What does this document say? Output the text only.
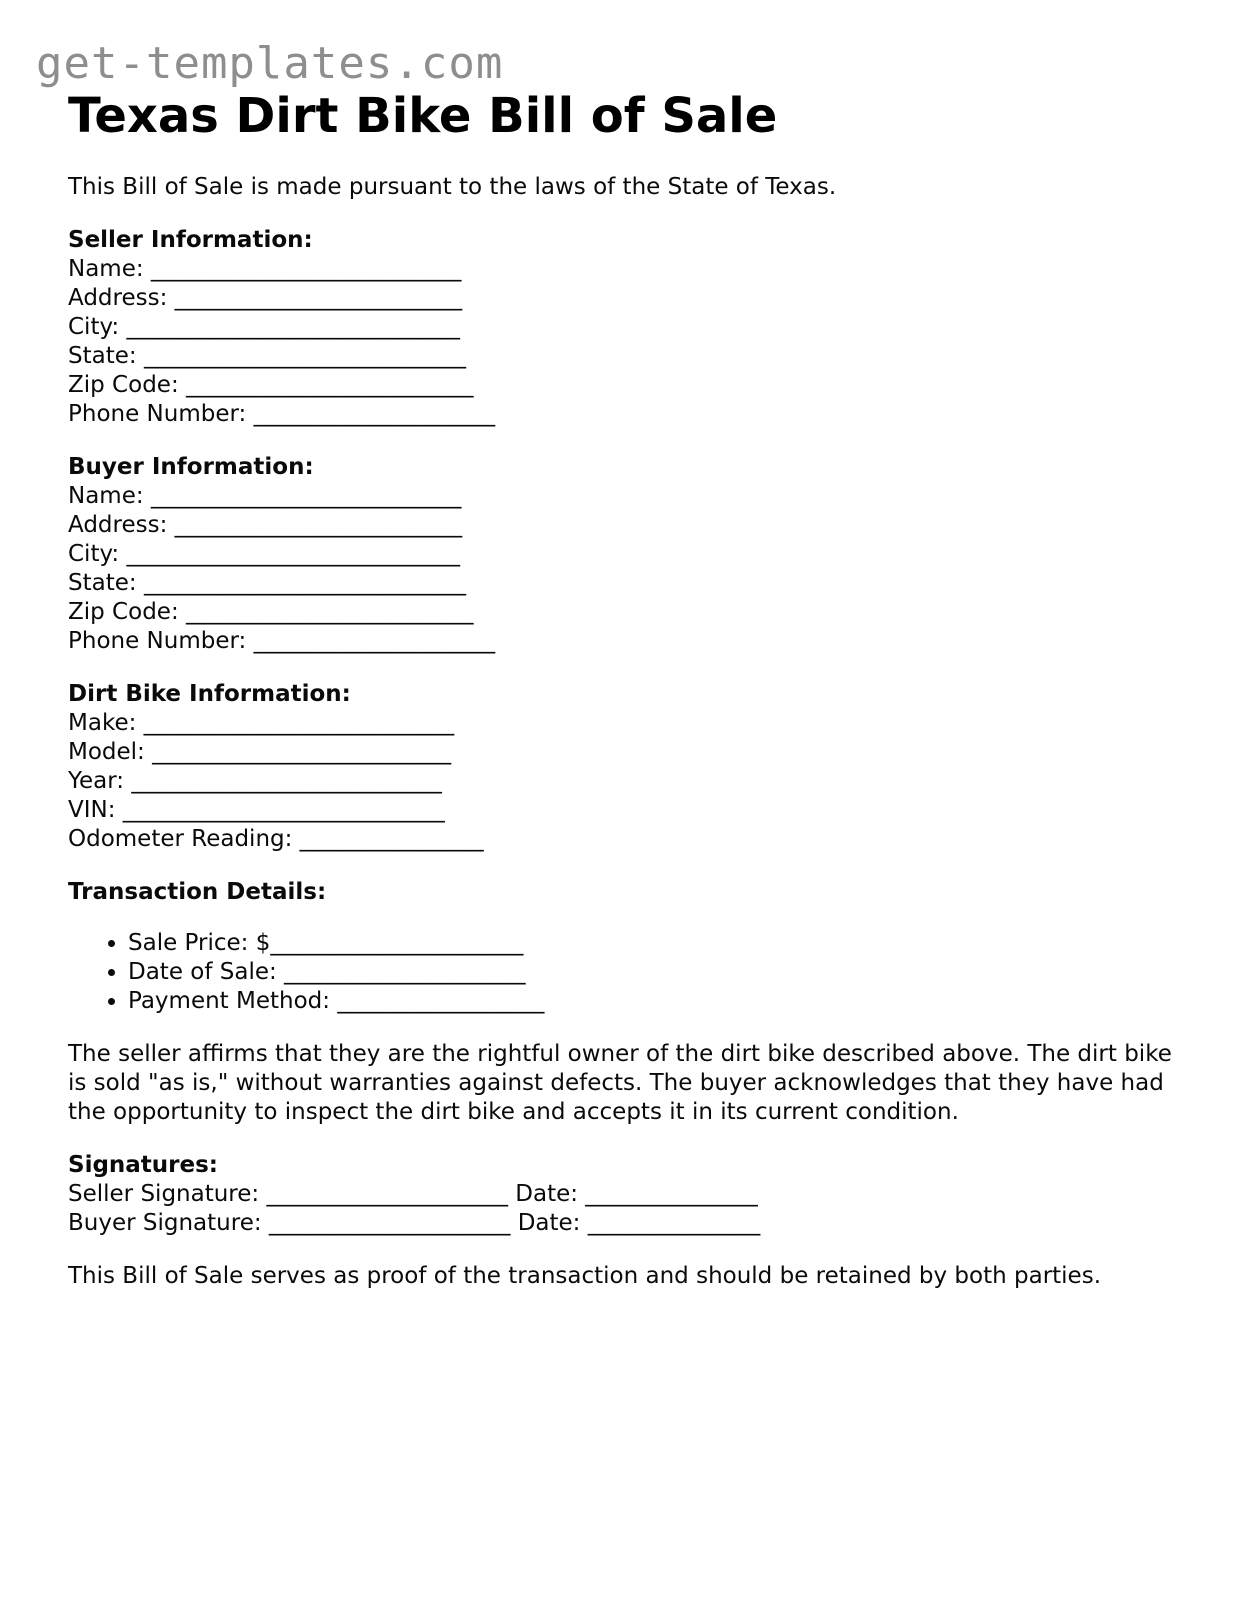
get-templates.com
Texas Dirt Bike Bill of Sale
This Bill of Sale is made pursuant to the laws of the State of Texas.
Seller Information:
Name: ___________________________
Address: _________________________
City: _____________________________
State: ____________________________
Zip Code: _________________________
Phone Number: _____________________
Buyer Information:
Name: ___________________________
Address: _________________________
City: _____________________________
State: ____________________________
Zip Code: _________________________
Phone Number: _____________________
Dirt Bike Information:
Make: ___________________________
Model: __________________________
Year: ___________________________
VIN: ____________________________
Odometer Reading: ________________
Transaction Details:
• Sale Price: $______________________
• Date of Sale: _____________________
• Payment Method: __________________
The seller affirms that they are the rightful owner of the dirt bike described above. The dirt bike is sold "as is," without warranties against defects. The buyer acknowledges that they have had the opportunity to inspect the dirt bike and accepts it in its current condition.
Signatures:
Seller Signature: _____________________ Date: _______________
Buyer Signature: _____________________ Date: _______________
This Bill of Sale serves as proof of the transaction and should be retained by both parties.
